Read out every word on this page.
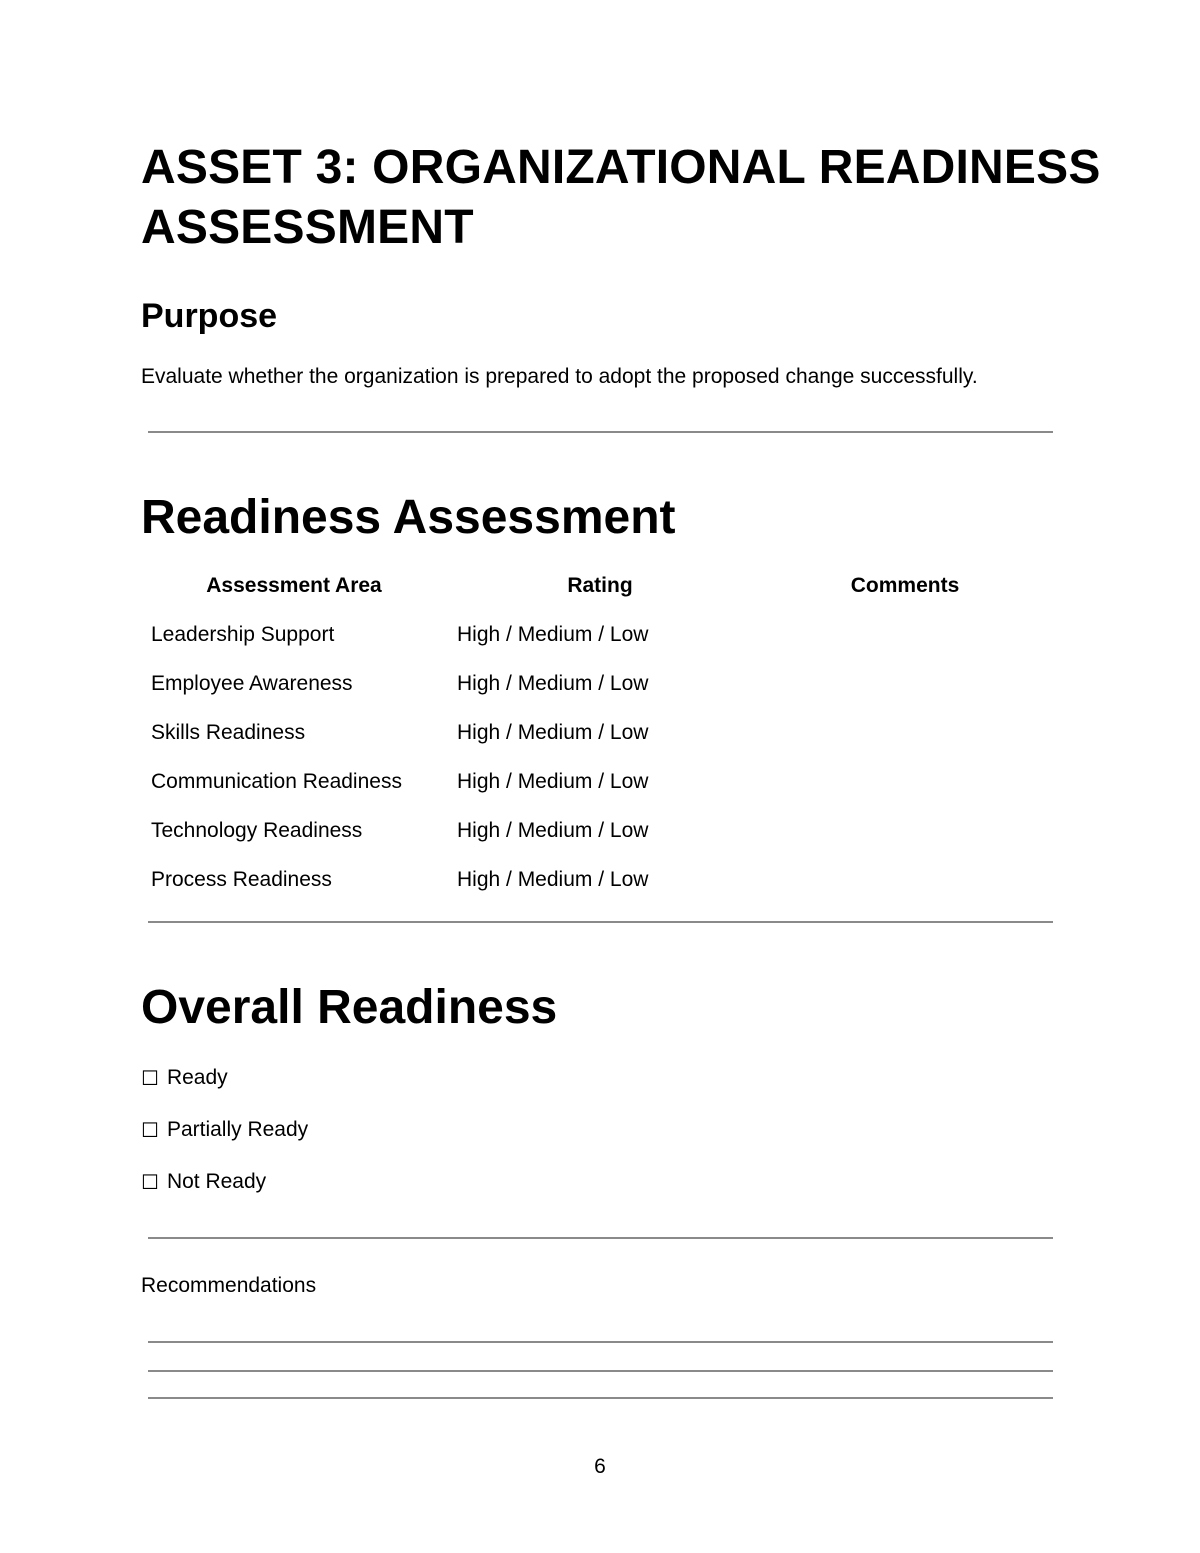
ASSET 3: ORGANIZATIONAL READINESS ASSESSMENT
Purpose

Evaluate whether the organization is prepared to adopt the proposed change successfully.

Readiness Assessment
Assessment Area	Rating	Comments
Leadership Support	High / Medium / Low
Employee Awareness	High / Medium / Low
Skills Readiness	High / Medium / Low
Communication Readiness	High / Medium / Low
Technology Readiness	High / Medium / Low
Process Readiness	High / Medium / Low
Overall Readiness
☐ Ready
☐ Partially Ready
☐ Not Ready
Recommendations
6
